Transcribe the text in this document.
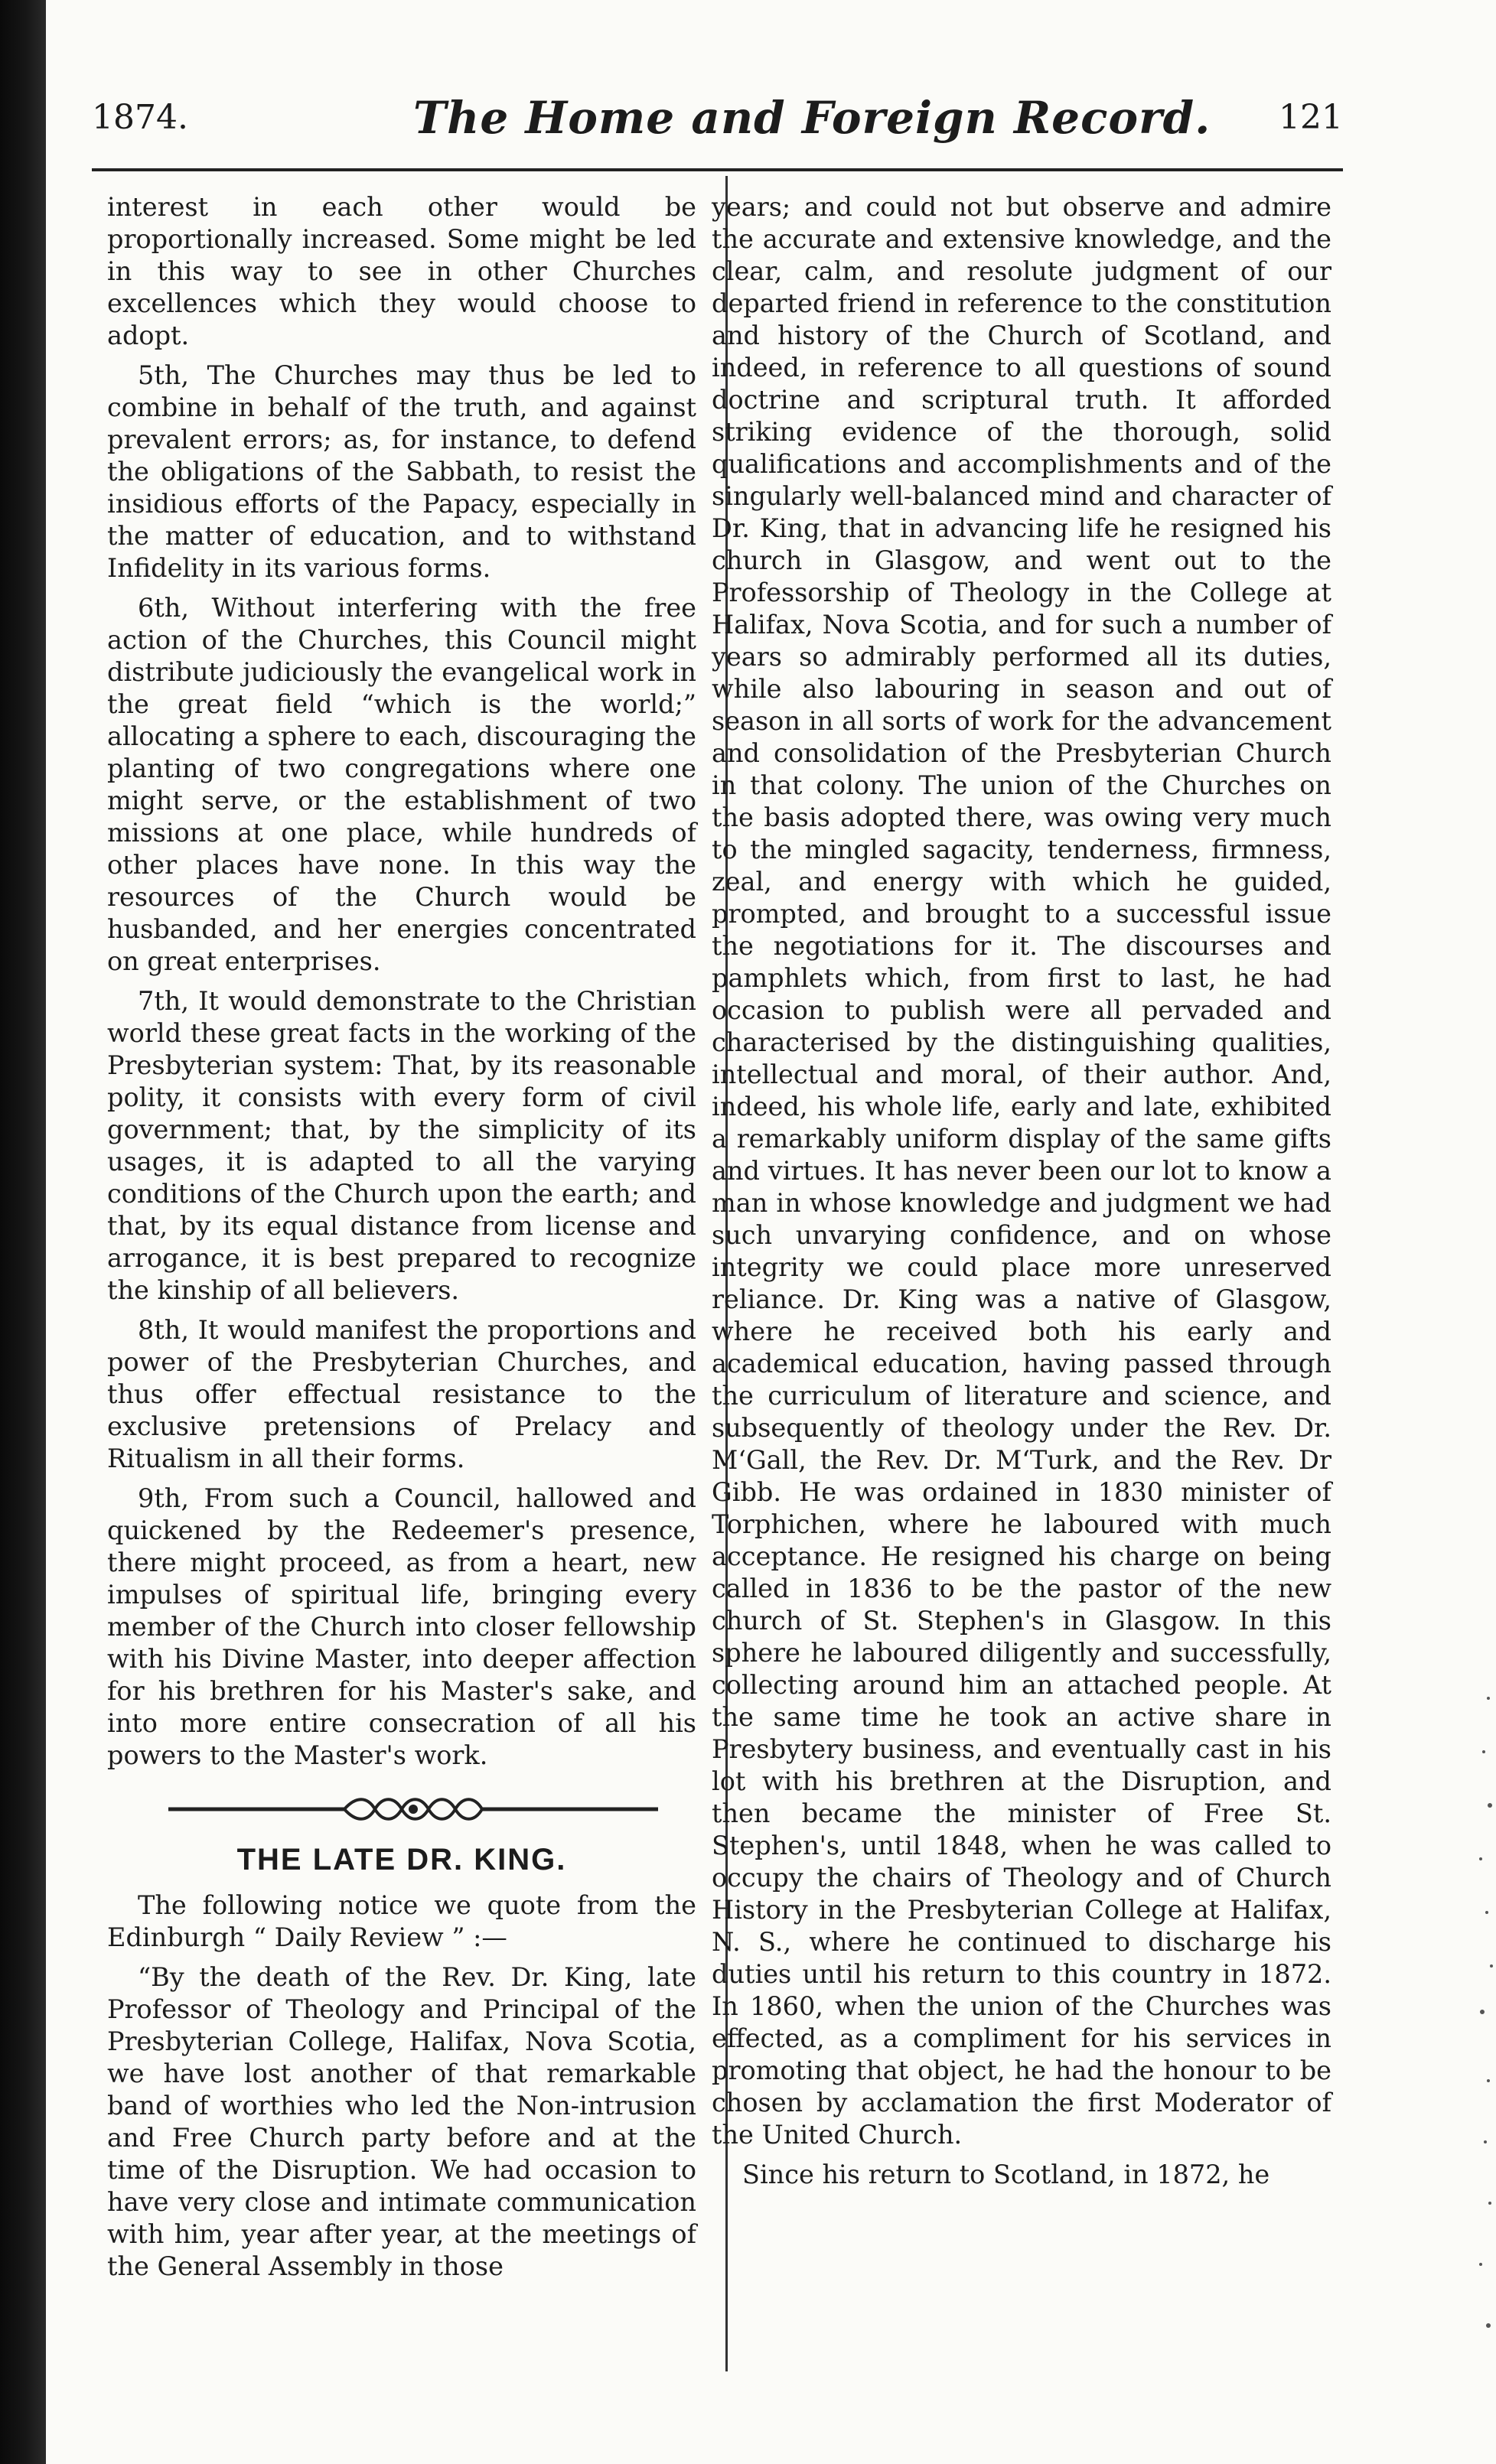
1874.	The Home and Foreign Record. 121

interest in each other would be proportionally increased. Some might be led in this way to see in other Churches excellences which they would choose to adopt.

5th, The Churches may thus be led to combine in behalf of the truth, and against prevalent errors; as, for instance, to defend the obligations of the Sabbath, to resist the insidious efforts of the Papacy, especially in the matter of education, and to withstand Infidelity in its various forms.

6th, Without interfering with the free action of the Churches, this Council might distribute judiciously the evangelical work in the great field “which is the world;” allocating a sphere to each, discouraging the planting of two congregations where one might serve, or the establishment of two missions at one place, while hundreds of other places have none. In this way the resources of the Church would be husbanded, and her energies concentrated on great enterprises.

7th, It would demonstrate to the Christian world these great facts in the working of the Presbyterian system: That, by its reasonable polity, it consists with every form of civil government; that, by the simplicity of its usages, it is adapted to all the varying conditions of the Church upon the earth; and that, by its equal distance from license and arrogance, it is best prepared to recognize the kinship of all believers.

8th, It would manifest the proportions and power of the Presbyterian Churches, and thus offer effectual resistance to the exclusive pretensions of Prelacy and Ritualism in all their forms.

9th, From such a Council, hallowed and quickened by the Redeemer's presence, there might proceed, as from a heart, new impulses of spiritual life, bringing every member of the Church into closer fellowship with his Divine Master, into deeper affection for his brethren for his Master's sake, and into more entire consecration of all his powers to the Master's work.

THE LATE DR. KING.

The following notice we quote from the Edinburgh “ Daily Review ” :—

“By the death of the Rev. Dr. King, late Professor of Theology and Principal of the Presbyterian College, Halifax, Nova Scotia, we have lost another of that remarkable band of worthies who led the Non-intrusion and Free Church party before and at the time of the Disruption. We had occasion to have very close and intimate communication with him, year after year, at the meetings of the General Assembly in those

years; and could not but observe and admire the accurate and extensive knowledge, and the clear, calm, and resolute judgment of our departed friend in reference to the constitution and history of the Church of Scotland, and indeed, in reference to all questions of sound doctrine and scriptural truth. It afforded striking evidence of the thorough, solid qualifications and accomplishments and of the singularly well-balanced mind and character of Dr. King, that in advancing life he resigned his church in Glasgow, and went out to the Professorship of Theology in the College at Halifax, Nova Scotia, and for such a number of years so admirably performed all its duties, while also labouring in season and out of season in all sorts of work for the advancement and consolidation of the Presbyterian Church in that colony. The union of the Churches on the basis adopted there, was owing very much to the mingled sagacity, tenderness, firmness, zeal, and energy with which he guided, prompted, and brought to a successful issue the negotiations for it. The discourses and pamphlets which, from first to last, he had occasion to publish were all pervaded and characterised by the distinguishing qualities, intellectual and moral, of their author. And, indeed, his whole life, early and late, exhibited a remarkably uniform display of the same gifts and virtues. It has never been our lot to know a man in whose knowledge and judgment we had such unvarying confidence, and on whose integrity we could place more unreserved reliance. Dr. King was a native of Glasgow, where he received both his early and academical education, having passed through the curriculum of literature and science, and subsequently of theology under the Rev. Dr. M‘Gall, the Rev. Dr. M‘Turk, and the Rev. Dr Gibb. He was ordained in 1830 minister of Torphichen, where he laboured with much acceptance. He resigned his charge on being called in 1836 to be the pastor of the new church of St. Stephen's in Glasgow. In this sphere he laboured diligently and successfully, collecting around him an attached people. At the same time he took an active share in Presbytery business, and eventually cast in his lot with his brethren at the Disruption, and then became the minister of Free St. Stephen's, until 1848, when he was called to occupy the chairs of Theology and of Church History in the Presbyterian College at Halifax, N. S., where he continued to discharge his duties until his return to this country in 1872. In 1860, when the union of the Churches was effected, as a compliment for his services in promoting that object, he had the honour to be chosen by acclamation the first Moderator of the United Church.

Since his return to Scotland, in 1872, he
